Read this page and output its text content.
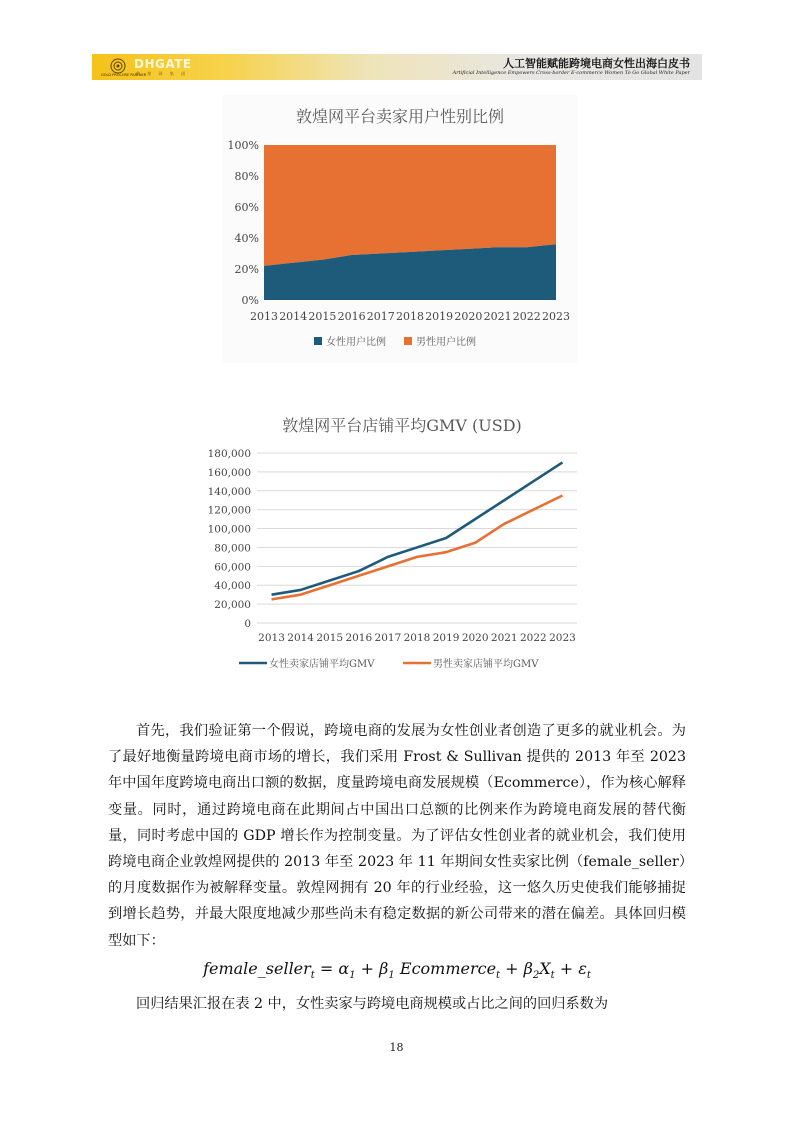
GOLD PROCURE PARTNER
DHGATE
敦 煌 网 集 团
人工智能赋能跨境电商女性出海白皮书
Artificial Intelligence Empowers Cross-border E-commerce Women To Go Global White Paper
敦煌网平台卖家用户性别比例
0%
20%
40%
60%
80%
100%
2013 2014 2015 2016 2017 2018 2019 2020 2021 2022 2023
女性用户比例	男性用户比例
敦煌网平台店铺平均GMV (USD)
0
20,000
40,000
60,000
80,000
100,000
120,000
140,000
160,000
180,000
2013 2014 2015 2016 2017 2018 2019 2020 2021 2022 2023
女性卖家店铺平均GMV	男性卖家店铺平均GMV

首先，我们验证第一个假说，跨境电商的发展为女性创业者创造了更多的就业机会。为了最好地衡量跨境电商市场的增长，我们采用 Frost & Sullivan 提供的 2013 年至 2023 年中国年度跨境电商出口额的数据，度量跨境电商发展规模（Ecommerce），作为核心解释变量。同时，通过跨境电商在此期间占中国出口总额的比例来作为跨境电商发展的替代衡量，同时考虑中国的 GDP 增长作为控制变量。为了评估女性创业者的就业机会，我们使用跨境电商企业敦煌网提供的 2013 年至 2023 年 11 年期间女性卖家比例（female_seller）的月度数据作为被解释变量。敦煌网拥有 20 年的行业经验，这一悠久历史使我们能够捕捉到增长趋势，并最大限度地减少那些尚未有稳定数据的新公司带来的潜在偏差。具体回归模型如下：

female_seller$_t$ = $\alpha_1 + \beta_1$ Ecommerce$_t$ + $\beta_2X_t + \varepsilon_t$

回归结果汇报在表 2 中，女性卖家与跨境电商规模或占比之间的回归系数为

18
